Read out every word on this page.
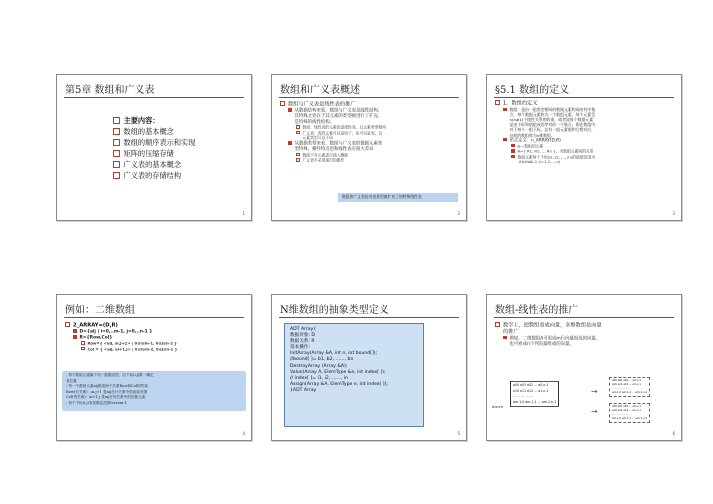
第5章 数组和广义表
主要内容：
数组的基本概念
数组的顺序表示和实现
矩阵的压缩存储
广义表的基本概念
广义表的存储结构
1
数组和广义表概述
数组与广义表是线性表的推广
从数据结构来看，数组与广义表是线性结构，
其特殊之处在于其元素的类型被进行了扩充，
是特殊的线性结构。
数组：线性表的元素也是线性表，且元素类型相同
广义表：表的元素可以是原子，也可以是表，且
元素类型可以不同
从数据类型来看，数组与广义表的数据元素类
型特殊，操作特点也和线性表有很大差异
数组不对元素进行插入删除
广义表多采用递归的操作
数组和广义表是对表类型做扩充了的特殊线性表
2
§5.1 数组的定义
1．数组的定义
数组：是由一组类型相同的数据元素构成的有序集
合，每个数据元素称为一个数组元素，每个元素受
n(n≥1)个线性关系的约束，或者说每个数据元素
是由下标和值组成的序对的一个集合。即在数组中，
对于每个一组下标，总有一组元素值和它相对应，
这样的数组称为n维数组。
形式定义：n_ARRAY(D,R)
D—数组的元素
R={ R1, R2, … Rn }，为数组元素间的关系
数组元素每个下标(j1, j2, …, jn)的取值范围为
0≤ji≤bi-1 (i=1,2,…,n)
3
例如：二维数组
2_ARRAY=(D,R)
D={aij | i=0,..m-1, j=0,..n-1 }
R={Row,Col}
Row={ <aij, ai,j+1> | 0≤i≤m-1, 0≤j≤n-2 }
Col = { <aij, ai+1,j> | 0≤i≤m-2, 0≤j≤n-1 }
; 每个数组元素属于同一数据类型，由下标(i,j)唯一确定
其位置
; 每一个数组元素aij都受两个关系Row和Col的约束
Row(行关系)：ai,j+1 是aij在行关系中的直接后继
Col(列关系)：ai+1,j 是aij在列关系中的后继元素
; 每个下标(i,j)有其限定范围0≤i≤m-1
4
N维数组的抽象类型定义
ADT Array{
数据对象: D
数据关系: R
基本操作:
InitArray(Array &A, int n, int bound[]);
//bound[ ]= b1, b2, ……, bn
DestroyArray (Array &A);
Value(Array A, ElemType &e, int index[ ]);
// index[ ]= i1, i2, ……, in
Assign(Array &A, ElemType e, int index[ ]);
}ADT Array
5
数组-线性表的推广
数学上，把数组看成向量，多维数组是向量
的推广
例如，二维数组A可看成m行向量组成的向量，
也可看成n个列向量组成的向量。
Am×n
a00 a01 a02 … a0,n-1
a10 a11 a12 … a1,n-1
… … … … …
am-1,0 am-1,1 … am-1,n-1
→
→
a00 a01 a02 … a0,n-1
a10 a11 a12 … a1,n-1
… … … … …
am-1,0 am-1,1 … am-1,n-1
a00 a01 a02 … a0,n-1
a10 a11 a12 … a1,n-1
… … … … …
am-1,0 am-1,1 … am-1,n-1
6
